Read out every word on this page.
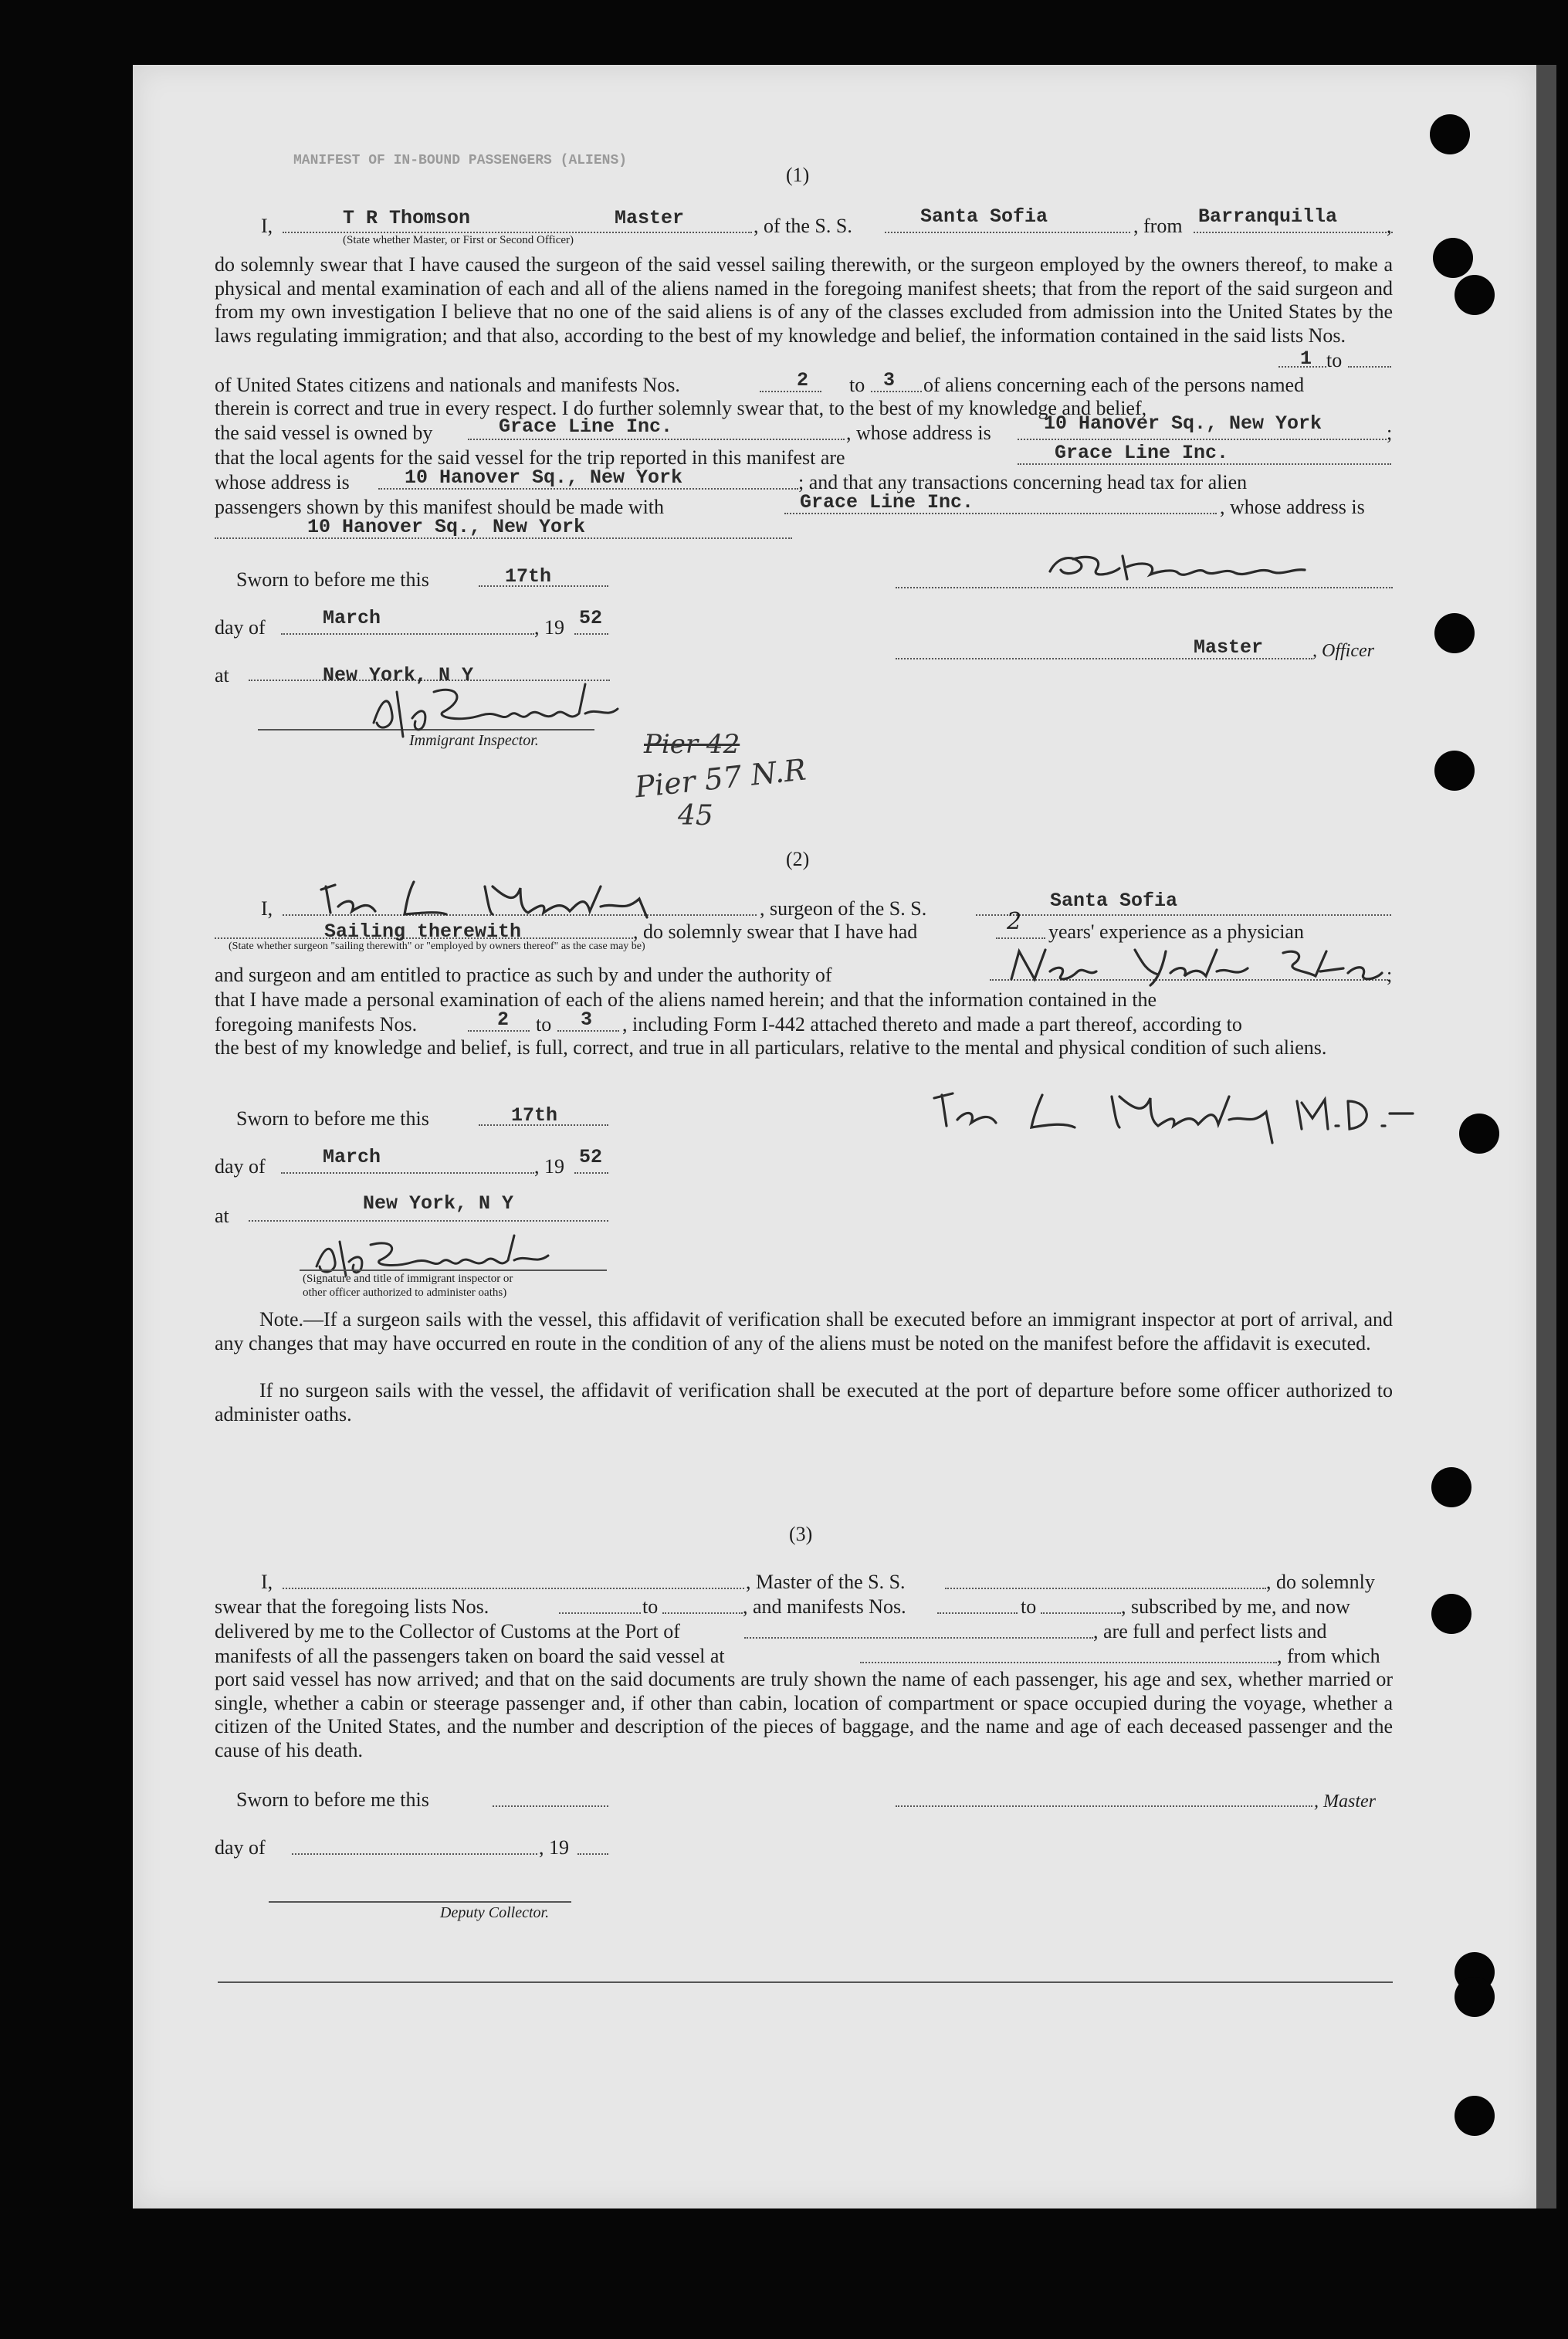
MANIFEST OF IN-BOUND PASSENGERS (ALIENS)
(1)
I,	T R Thomson	Master
(State whether Master, or First or Second Officer)
, of the S. S.	Santa Sofia	, from Barranquilla ,
do solemnly swear that I have caused the surgeon of the said vessel sailing therewith, or the surgeon employed by the owners thereof, to make a physical and mental examination of each and all of the aliens named in the foregoing manifest sheets; that from the report of the said surgeon and from my own investigation I believe that no one of the said aliens is of any of the classes excluded from admission into the United States by the laws regulating immigration; and that also, according to the best of my knowledge and belief, the information contained in the said lists Nos.
1 to
of United States citizens and nationals and manifests Nos.	2 to 3 of aliens concerning each of the persons named
therein is correct and true in every respect. I do further solemnly swear that, to the best of my knowledge and belief,
the said vessel is owned by	Grace Line Inc.	, whose address is	10 Hanover Sq., New York	;
that the local agents for the said vessel for the trip reported in this manifest are	Grace Line Inc.
whose address is	10 Hanover Sq., New York	; and that any transactions concerning head tax for alien
passengers shown by this manifest should be made with	Grace Line Inc.	, whose address is
10 Hanover Sq., New York
Sworn to before me this	17th
day of	March	, 19 52
at	New York, N Y
Immigrant Inspector.
Master	, Officer
Pier 42
Pier 57 N.R
45
(2)
I,	, surgeon of the S. S.	Santa Sofia
Sailing therewith
(State whether surgeon "sailing therewith" or "employed by owners thereof" as the case may be)
, do solemnly swear that I have had	2 years' experience as a physician
and surgeon and am entitled to practice as such by and under the authority of	;
that I have made a personal examination of each of the aliens named herein; and that the information contained in the
foregoing manifests Nos.	2 to 3 , including Form I-442 attached thereto and made a part thereof, according to
the best of my knowledge and belief, is full, correct, and true in all particulars, relative to the mental and physical condition of such aliens.
Sworn to before me this	17th
day of	March	, 19 52
New York, N Y
at
(Signature and title of immigrant inspector or
other officer authorized to administer oaths)
Note.—If a surgeon sails with the vessel, this affidavit of verification shall be executed before an immigrant inspector at port of arrival, and any changes that may have occurred en route in the condition of any of the aliens must be noted on the manifest before the affidavit is executed.
If no surgeon sails with the vessel, the affidavit of verification shall be executed at the port of departure before some officer authorized to administer oaths.
(3)
I,	, Master of the S. S.	, do solemnly
swear that the foregoing lists Nos.	to	, and manifests Nos.	to	, subscribed by me, and now
delivered by me to the Collector of Customs at the Port of	, are full and perfect lists and
manifests of all the passengers taken on board the said vessel at	, from which
port said vessel has now arrived; and that on the said documents are truly shown the name of each passenger, his age and sex, whether married or single, whether a cabin or steerage passenger and, if other than cabin, location of compartment or space occupied during the voyage, whether a citizen of the United States, and the number and description of the pieces of baggage, and the name and age of each deceased passenger and the cause of his death.
Sworn to before me this	, Master
day of	, 19
Deputy Collector.
